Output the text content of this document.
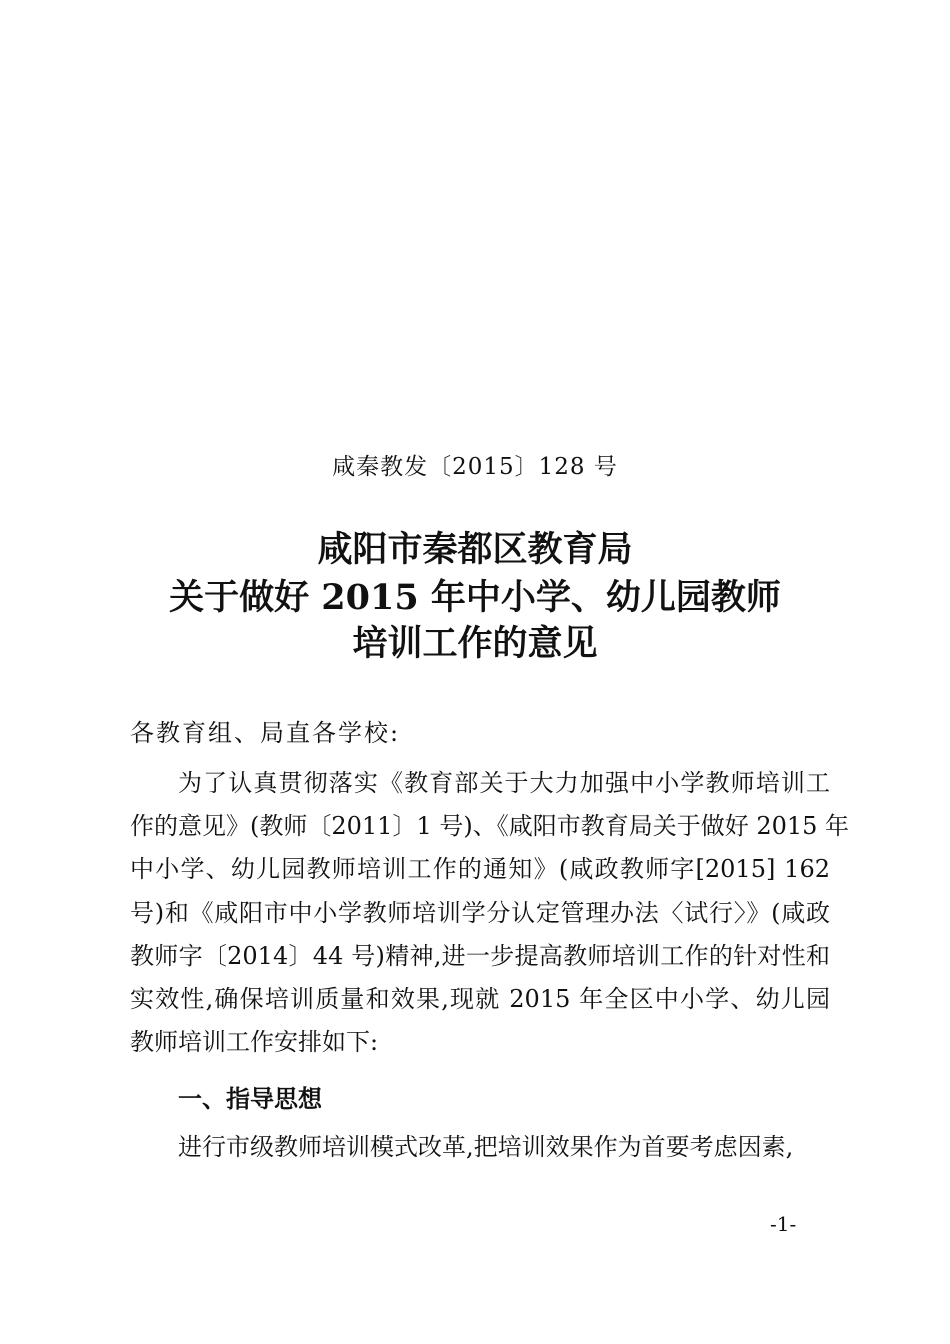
咸秦教发〔2015〕128 号
咸阳市秦都区教育局
关于做好 2015 年中小学、幼儿园教师
培训工作的意见
各教育组、局直各学校:
为了认真贯彻落实《教育部关于大力加强中小学教师培训工
作的意见》(教师〔2011〕1 号)、《咸阳市教育局关于做好 2015 年
中小学、幼儿园教师培训工作的通知》(咸政教师字[2015] 162
号)和《咸阳市中小学教师培训学分认定管理办法〈试行〉》(咸政
教师字〔2014〕44 号)精神,进一步提高教师培训工作的针对性和
实效性,确保培训质量和效果,现就 2015 年全区中小学、幼儿园
教师培训工作安排如下:
一、指导思想
进行市级教师培训模式改革,把培训效果作为首要考虑因素,
-1-
